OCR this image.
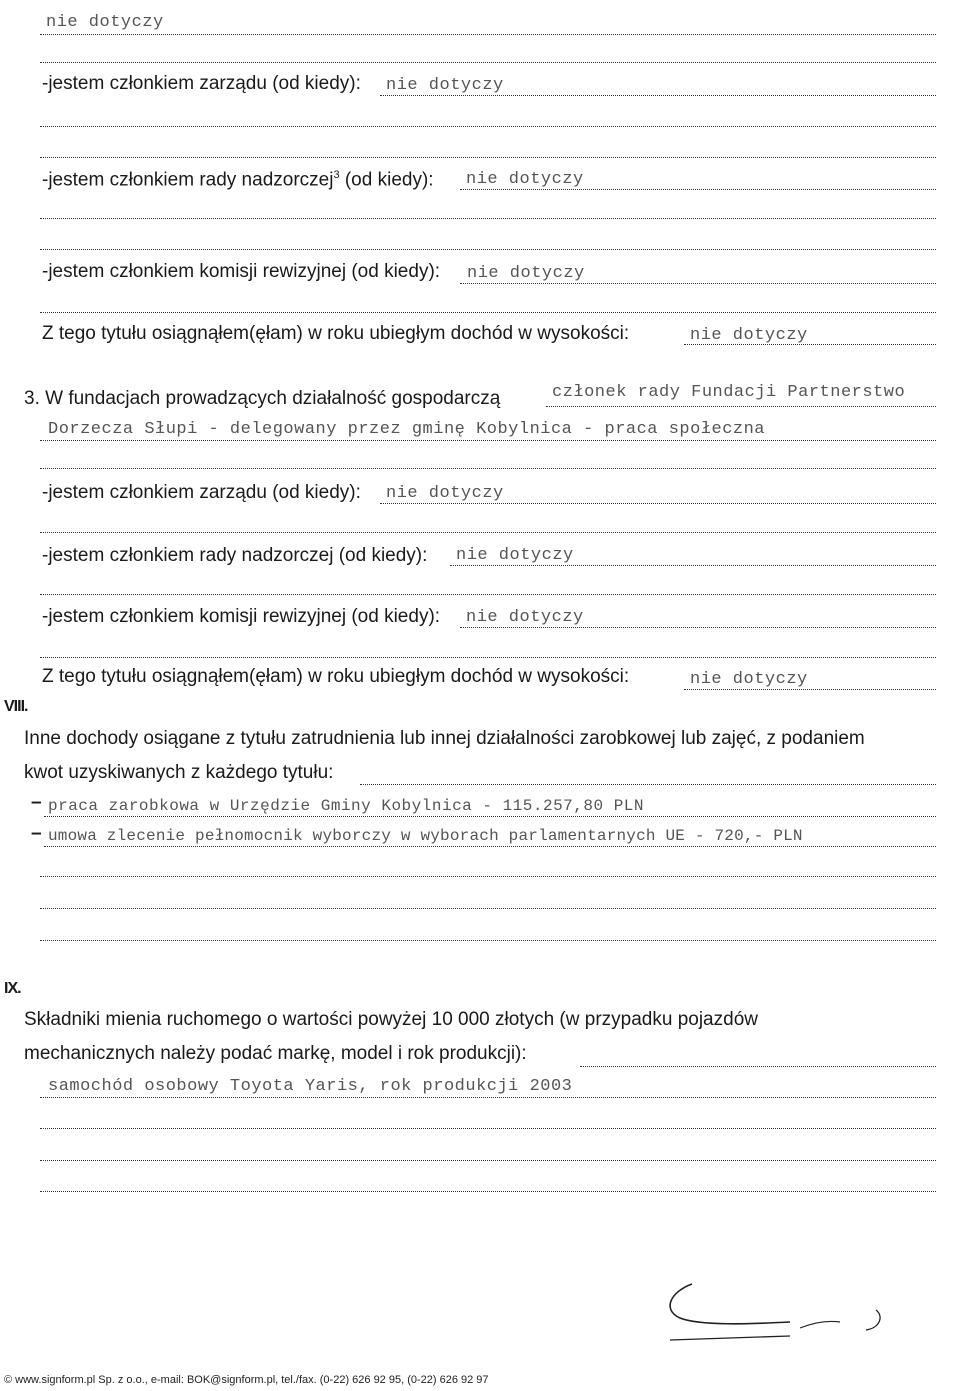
nie dotyczy
-jestem członkiem zarządu (od kiedy): nie dotyczy
-jestem członkiem rady nadzorczej$^3$ (od kiedy): nie dotyczy
-jestem członkiem komisji rewizyjnej (od kiedy): nie dotyczy
Z tego tytułu osiągnąłem(ęłam) w roku ubiegłym dochód w wysokości:	nie dotyczy
3. W fundacjach prowadzących działalność gospodarczą	członek rady Fundacji Partnerstwo
Dorzecza Słupi - delegowany przez gminę Kobylnica - praca społeczna
-jestem członkiem zarządu (od kiedy): nie dotyczy
-jestem członkiem rady nadzorczej (od kiedy): nie dotyczy
-jestem członkiem komisji rewizyjnej (od kiedy): nie dotyczy
Z tego tytułu osiągnąłem(ęłam) w roku ubiegłym dochód w wysokości:	nie dotyczy
VIII.
Inne dochody osiągane z tytułu zatrudnienia lub innej działalności zarobkowej lub zajęć, z podaniem
kwot uzyskiwanych z każdego tytułu:
– praca zarobkowa w Urzędzie Gminy Kobylnica - 115.257,80 PLN
– umowa zlecenie pełnomocnik wyborczy w wyborach parlamentarnych UE - 720,- PLN
IX.
Składniki mienia ruchomego o wartości powyżej 10 000 złotych (w przypadku pojazdów
mechanicznych należy podać markę, model i rok produkcji):
samochód osobowy Toyota Yaris, rok produkcji 2003
© www.signform.pl Sp. z o.o., e-mail: BOK@signform.pl, tel./fax. (0-22) 626 92 95, (0-22) 626 92 97
